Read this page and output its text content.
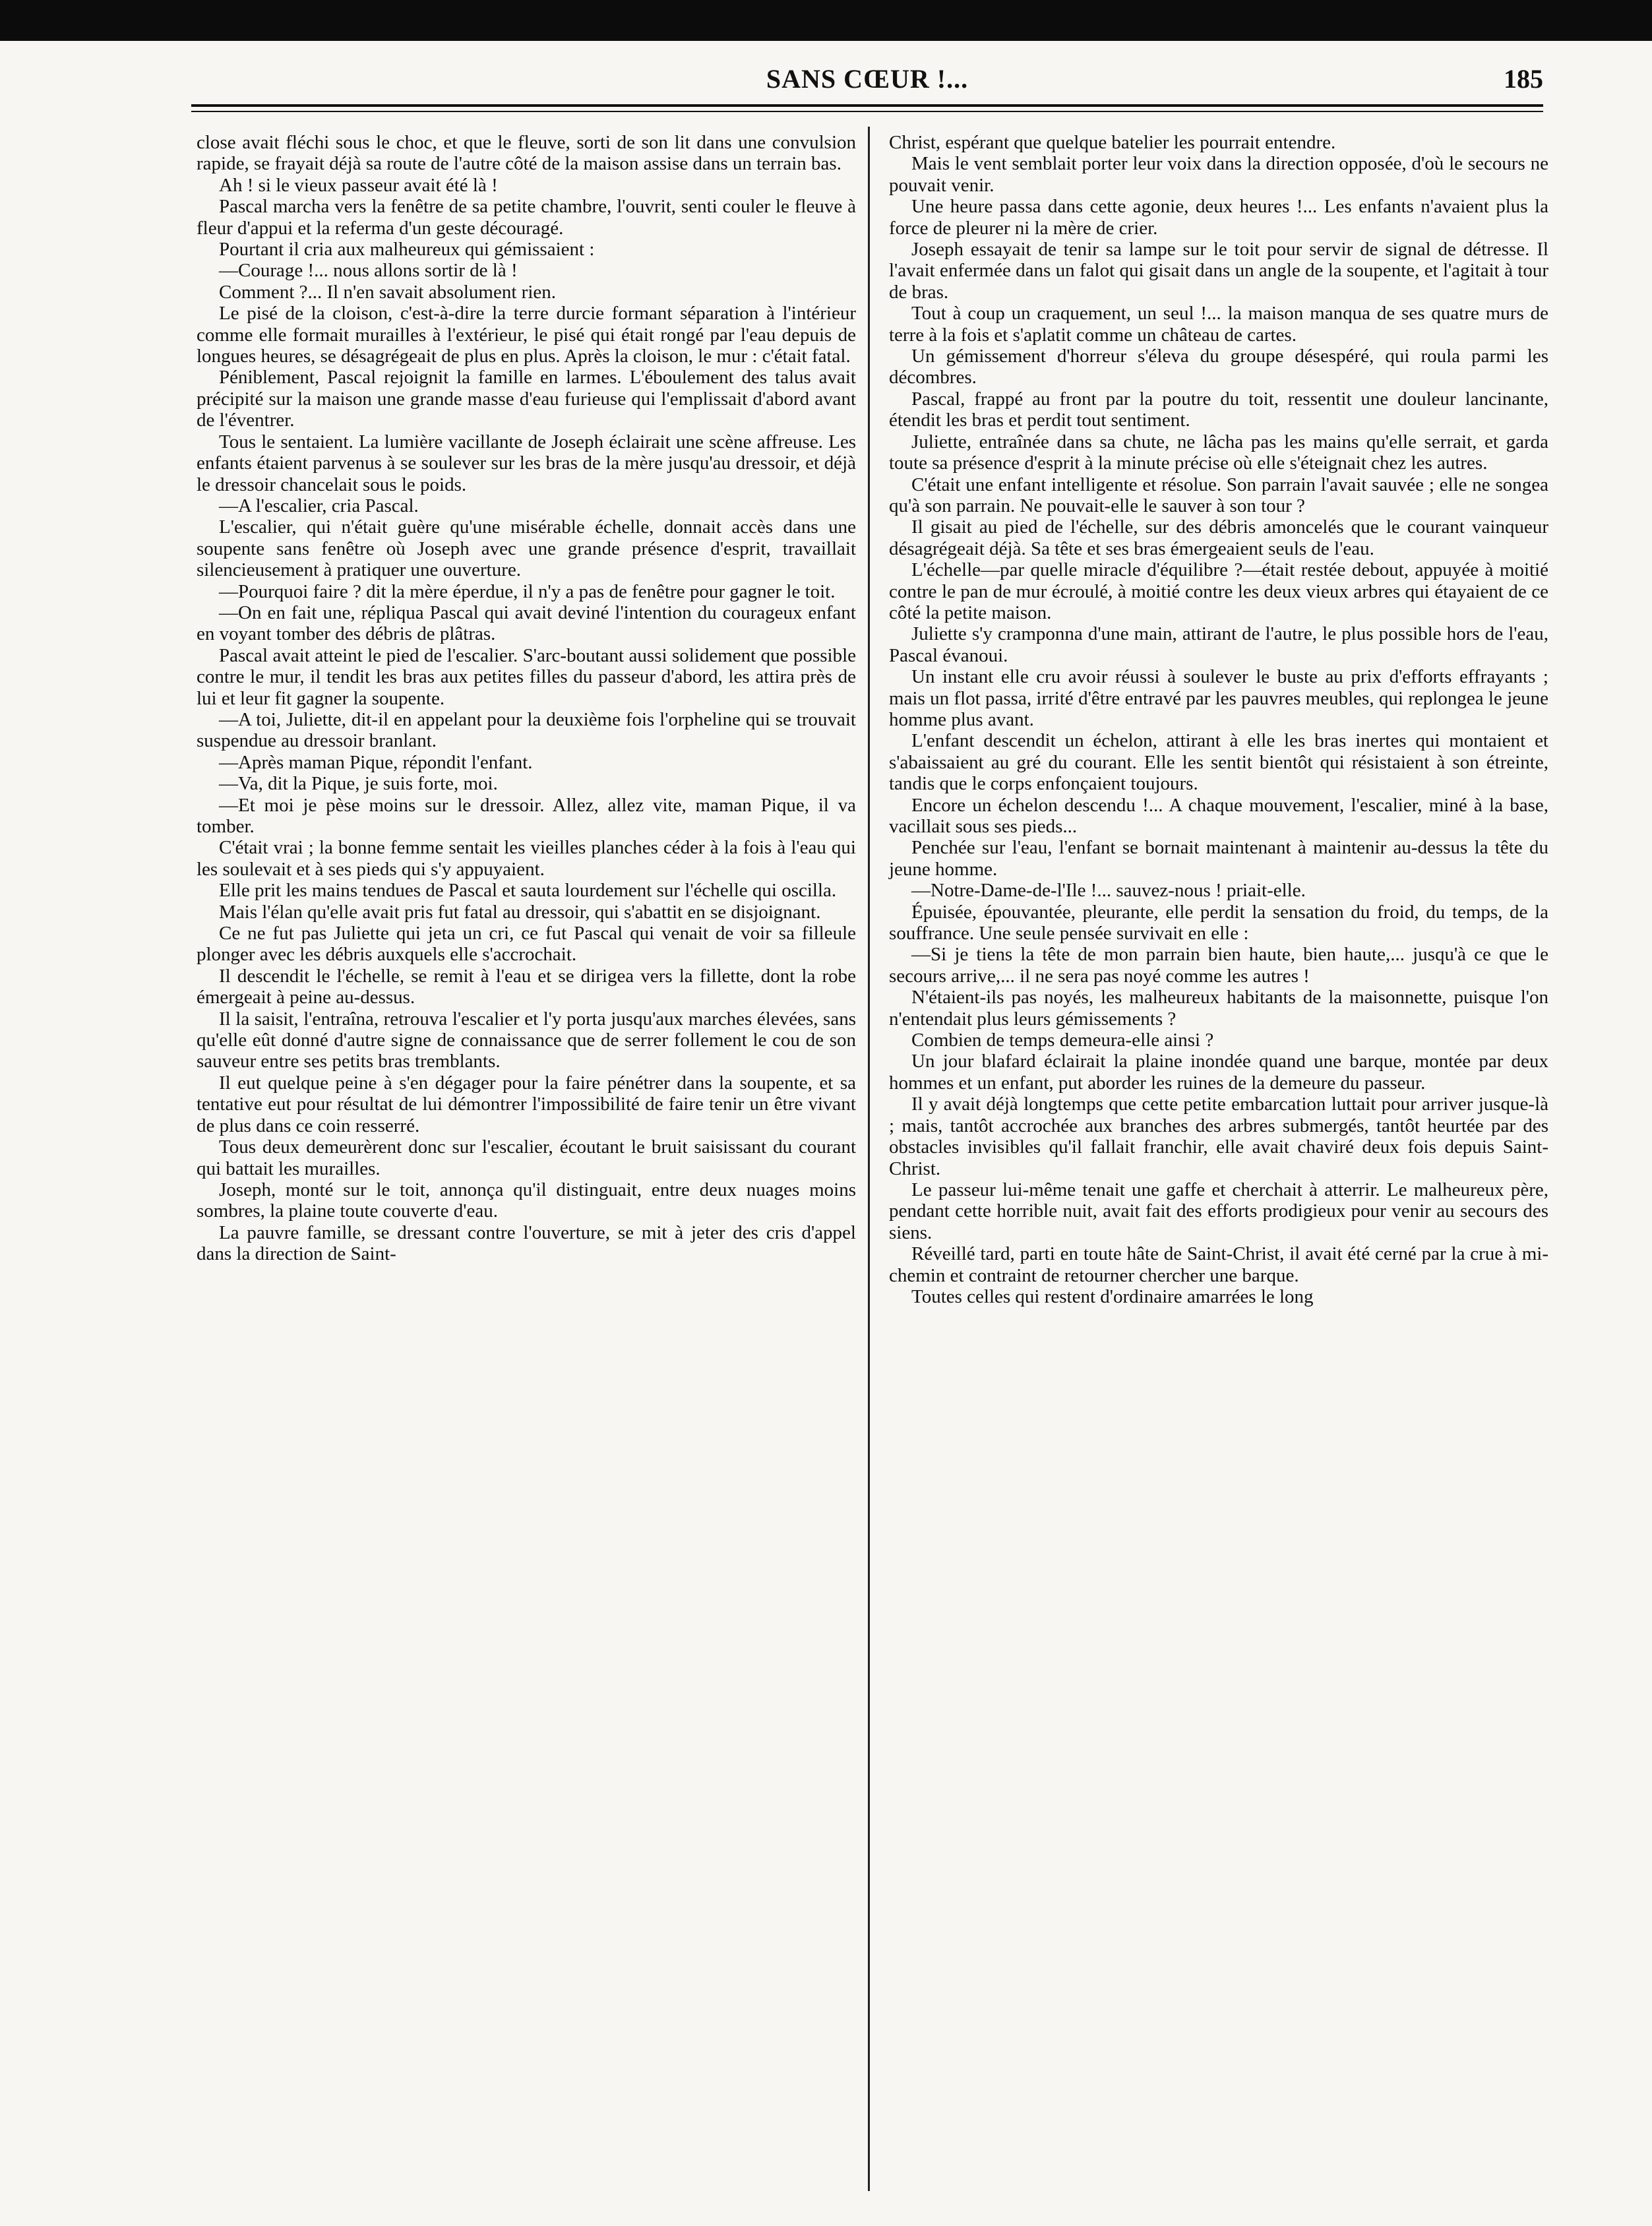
SANS CŒUR !...	185

close avait fléchi sous le choc, et que le fleuve, sorti de son lit dans une convulsion rapide, se frayait déjà sa route de l'autre côté de la maison assise dans un terrain bas.

Ah ! si le vieux passeur avait été là !

Pascal marcha vers la fenêtre de sa petite chambre, l'ouvrit, senti couler le fleuve à fleur d'appui et la referma d'un geste découragé.

Pourtant il cria aux malheureux qui gémissaient :

—Courage !... nous allons sortir de là !

Comment ?... Il n'en savait absolument rien.

Le pisé de la cloison, c'est-à-dire la terre durcie formant séparation à l'intérieur comme elle formait murailles à l'extérieur, le pisé qui était rongé par l'eau depuis de longues heures, se désagrégeait de plus en plus. Après la cloison, le mur : c'était fatal.

Péniblement, Pascal rejoignit la famille en larmes. L'éboulement des talus avait précipité sur la maison une grande masse d'eau furieuse qui l'emplissait d'abord avant de l'éventrer.

Tous le sentaient. La lumière vacillante de Joseph éclairait une scène affreuse. Les enfants étaient parvenus à se soulever sur les bras de la mère jusqu'au dressoir, et déjà le dressoir chancelait sous le poids.

—A l'escalier, cria Pascal.

L'escalier, qui n'était guère qu'une misérable échelle, donnait accès dans une soupente sans fenêtre où Joseph avec une grande présence d'esprit, travaillait silencieusement à pratiquer une ouverture.

—Pourquoi faire ? dit la mère éperdue, il n'y a pas de fenêtre pour gagner le toit.

—On en fait une, répliqua Pascal qui avait deviné l'intention du courageux enfant en voyant tomber des débris de plâtras.

Pascal avait atteint le pied de l'escalier. S'arc-boutant aussi solidement que possible contre le mur, il tendit les bras aux petites filles du passeur d'abord, les attira près de lui et leur fit gagner la soupente.

—A toi, Juliette, dit-il en appelant pour la deuxième fois l'orpheline qui se trouvait suspendue au dressoir branlant.

—Après maman Pique, répondit l'enfant.

—Va, dit la Pique, je suis forte, moi.

—Et moi je pèse moins sur le dressoir. Allez, allez vite, maman Pique, il va tomber.

C'était vrai ; la bonne femme sentait les vieilles planches céder à la fois à l'eau qui les soulevait et à ses pieds qui s'y appuyaient.

Elle prit les mains tendues de Pascal et sauta lourdement sur l'échelle qui oscilla.

Mais l'élan qu'elle avait pris fut fatal au dressoir, qui s'abattit en se disjoignant.

Ce ne fut pas Juliette qui jeta un cri, ce fut Pascal qui venait de voir sa filleule plonger avec les débris auxquels elle s'accrochait.

Il descendit le l'échelle, se remit à l'eau et se dirigea vers la fillette, dont la robe émergeait à peine au-dessus.

Il la saisit, l'entraîna, retrouva l'escalier et l'y porta jusqu'aux marches élevées, sans qu'elle eût donné d'autre signe de connaissance que de serrer follement le cou de son sauveur entre ses petits bras tremblants.

Il eut quelque peine à s'en dégager pour la faire pénétrer dans la soupente, et sa tentative eut pour résultat de lui démontrer l'impossibilité de faire tenir un être vivant de plus dans ce coin resserré.

Tous deux demeurèrent donc sur l'escalier, écoutant le bruit saisissant du courant qui battait les murailles.

Joseph, monté sur le toit, annonça qu'il distinguait, entre deux nuages moins sombres, la plaine toute couverte d'eau.

La pauvre famille, se dressant contre l'ouverture, se mit à jeter des cris d'appel dans la direction de Saint-

Christ, espérant que quelque batelier les pourrait entendre.

Mais le vent semblait porter leur voix dans la direction opposée, d'où le secours ne pouvait venir.

Une heure passa dans cette agonie, deux heures !... Les enfants n'avaient plus la force de pleurer ni la mère de crier.

Joseph essayait de tenir sa lampe sur le toit pour servir de signal de détresse. Il l'avait enfermée dans un falot qui gisait dans un angle de la soupente, et l'agitait à tour de bras.

Tout à coup un craquement, un seul !... la maison manqua de ses quatre murs de terre à la fois et s'aplatit comme un château de cartes.

Un gémissement d'horreur s'éleva du groupe désespéré, qui roula parmi les décombres.

Pascal, frappé au front par la poutre du toit, ressentit une douleur lancinante, étendit les bras et perdit tout sentiment.

Juliette, entraînée dans sa chute, ne lâcha pas les mains qu'elle serrait, et garda toute sa présence d'esprit à la minute précise où elle s'éteignait chez les autres.

C'était une enfant intelligente et résolue. Son parrain l'avait sauvée ; elle ne songea qu'à son parrain. Ne pouvait-elle le sauver à son tour ?

Il gisait au pied de l'échelle, sur des débris amoncelés que le courant vainqueur désagrégeait déjà. Sa tête et ses bras émergeaient seuls de l'eau.

L'échelle—par quelle miracle d'équilibre ?—était restée debout, appuyée à moitié contre le pan de mur écroulé, à moitié contre les deux vieux arbres qui étayaient de ce côté la petite maison.

Juliette s'y cramponna d'une main, attirant de l'autre, le plus possible hors de l'eau, Pascal évanoui.

Un instant elle cru avoir réussi à soulever le buste au prix d'efforts effrayants ; mais un flot passa, irrité d'être entravé par les pauvres meubles, qui replongea le jeune homme plus avant.

L'enfant descendit un échelon, attirant à elle les bras inertes qui montaient et s'abaissaient au gré du courant. Elle les sentit bientôt qui résistaient à son étreinte, tandis que le corps enfonçaient toujours.

Encore un échelon descendu !... A chaque mouvement, l'escalier, miné à la base, vacillait sous ses pieds...

Penchée sur l'eau, l'enfant se bornait maintenant à maintenir au-dessus la tête du jeune homme.

—Notre-Dame-de-l'Ile !... sauvez-nous ! priait-elle.

Épuisée, épouvantée, pleurante, elle perdit la sensation du froid, du temps, de la souffrance. Une seule pensée survivait en elle :

—Si je tiens la tête de mon parrain bien haute, bien haute,... jusqu'à ce que le secours arrive,... il ne sera pas noyé comme les autres !

N'étaient-ils pas noyés, les malheureux habitants de la maisonnette, puisque l'on n'entendait plus leurs gémissements ?

Combien de temps demeura-elle ainsi ?

Un jour blafard éclairait la plaine inondée quand une barque, montée par deux hommes et un enfant, put aborder les ruines de la demeure du passeur.

Il y avait déjà longtemps que cette petite embarcation luttait pour arriver jusque-là ; mais, tantôt accrochée aux branches des arbres submergés, tantôt heurtée par des obstacles invisibles qu'il fallait franchir, elle avait chaviré deux fois depuis Saint-Christ.

Le passeur lui-même tenait une gaffe et cherchait à atterrir. Le malheureux père, pendant cette horrible nuit, avait fait des efforts prodigieux pour venir au secours des siens.

Réveillé tard, parti en toute hâte de Saint-Christ, il avait été cerné par la crue à mi-chemin et contraint de retourner chercher une barque.

Toutes celles qui restent d'ordinaire amarrées le long
